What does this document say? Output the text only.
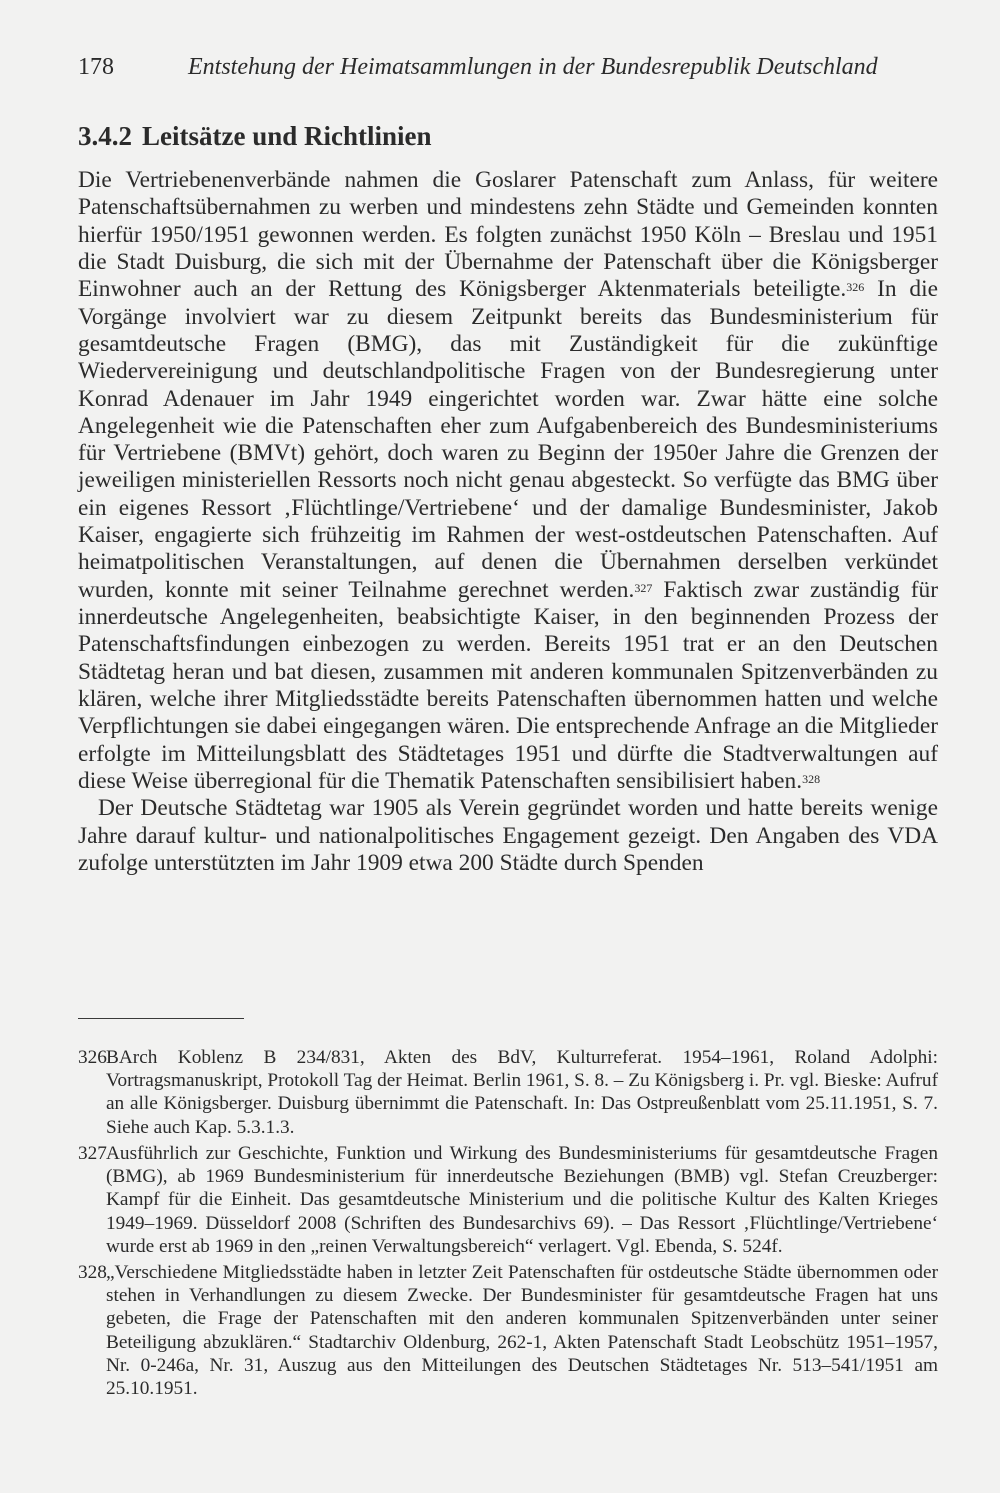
178	Entstehung der Heimatsammlungen in der Bundesrepublik Deutschland
3.4.2 Leitsätze und Richtlinien

Die Vertriebenenverbände nahmen die Goslarer Patenschaft zum Anlass, für weitere Patenschaftsübernahmen zu werben und mindestens zehn Städte und Gemeinden konnten hierfür 1950/1951 gewonnen werden. Es folgten zunächst 1950 Köln – Breslau und 1951 die Stadt Duisburg, die sich mit der Übernahme der Patenschaft über die Königsberger Einwohner auch an der Rettung des Königsberger Aktenmaterials beteiligte.$^{326}$ In die Vorgänge involviert war zu diesem Zeitpunkt bereits das Bundesministerium für gesamtdeutsche Fragen (BMG), das mit Zuständigkeit für die zukünftige Wiedervereinigung und deutschlandpolitische Fragen von der Bundesregierung unter Konrad Adenauer im Jahr 1949 eingerichtet worden war. Zwar hätte eine solche Angelegenheit wie die Patenschaften eher zum Aufgabenbereich des Bundesministeriums für Vertriebene (BMVt) gehört, doch waren zu Beginn der 1950er Jahre die Grenzen der jeweiligen ministeriellen Ressorts noch nicht genau abgesteckt. So verfügte das BMG über ein eigenes Ressort ‚Flüchtlinge/Vertriebene‘ und der damalige Bundesminister, Jakob Kaiser, engagierte sich frühzeitig im Rahmen der west-ostdeutschen Patenschaften. Auf heimatpolitischen Veranstaltungen, auf denen die Übernahmen derselben verkündet wurden, konnte mit seiner Teilnahme gerechnet werden.$^{327}$ Faktisch zwar zuständig für innerdeutsche Angelegenheiten, beabsichtigte Kaiser, in den beginnenden Prozess der Patenschaftsfindungen einbezogen zu werden. Bereits 1951 trat er an den Deutschen Städtetag heran und bat diesen, zusammen mit anderen kommunalen Spitzenverbänden zu klären, welche ihrer Mitgliedsstädte bereits Patenschaften übernommen hatten und welche Verpflichtungen sie dabei eingegangen wären. Die entsprechende Anfrage an die Mitglieder erfolgte im Mitteilungsblatt des Städtetages 1951 und dürfte die Stadtverwaltungen auf diese Weise überregional für die Thematik Patenschaften sensibilisiert haben.$^{328}$

Der Deutsche Städtetag war 1905 als Verein gegründet worden und hatte bereits wenige Jahre darauf kultur- und nationalpolitisches Engagement gezeigt. Den Angaben des VDA zufolge unterstützten im Jahr 1909 etwa 200 Städte durch Spenden

326 BArch Koblenz B 234/831, Akten des BdV, Kulturreferat. 1954–1961, Roland Adolphi: Vortragsmanuskript, Protokoll Tag der Heimat. Berlin 1961, S. 8. – Zu Königsberg i. Pr. vgl. Bieske: Aufruf an alle Königsberger. Duisburg übernimmt die Patenschaft. In: Das Ostpreußenblatt vom 25.11.1951, S. 7. Siehe auch Kap. 5.3.1.3.
327 Ausführlich zur Geschichte, Funktion und Wirkung des Bundesministeriums für gesamtdeutsche Fragen (BMG), ab 1969 Bundesministerium für innerdeutsche Beziehungen (BMB) vgl. Stefan Creuzberger: Kampf für die Einheit. Das gesamtdeutsche Ministerium und die politische Kultur des Kalten Krieges 1949–1969. Düsseldorf 2008 (Schriften des Bundesarchivs 69). – Das Ressort ‚Flüchtlinge/Vertriebene‘ wurde erst ab 1969 in den „reinen Verwaltungsbereich“ verlagert. Vgl. Ebenda, S. 524f.
328 „Verschiedene Mitgliedsstädte haben in letzter Zeit Patenschaften für ostdeutsche Städte übernommen oder stehen in Verhandlungen zu diesem Zwecke. Der Bundesminister für gesamtdeutsche Fragen hat uns gebeten, die Frage der Patenschaften mit den anderen kommunalen Spitzenverbänden unter seiner Beteiligung abzuklären.“ Stadtarchiv Oldenburg, 262-1, Akten Patenschaft Stadt Leobschütz 1951–1957, Nr. 0-246a, Nr. 31, Auszug aus den Mitteilungen des Deutschen Städtetages Nr. 513–541/1951 am 25.10.1951.
